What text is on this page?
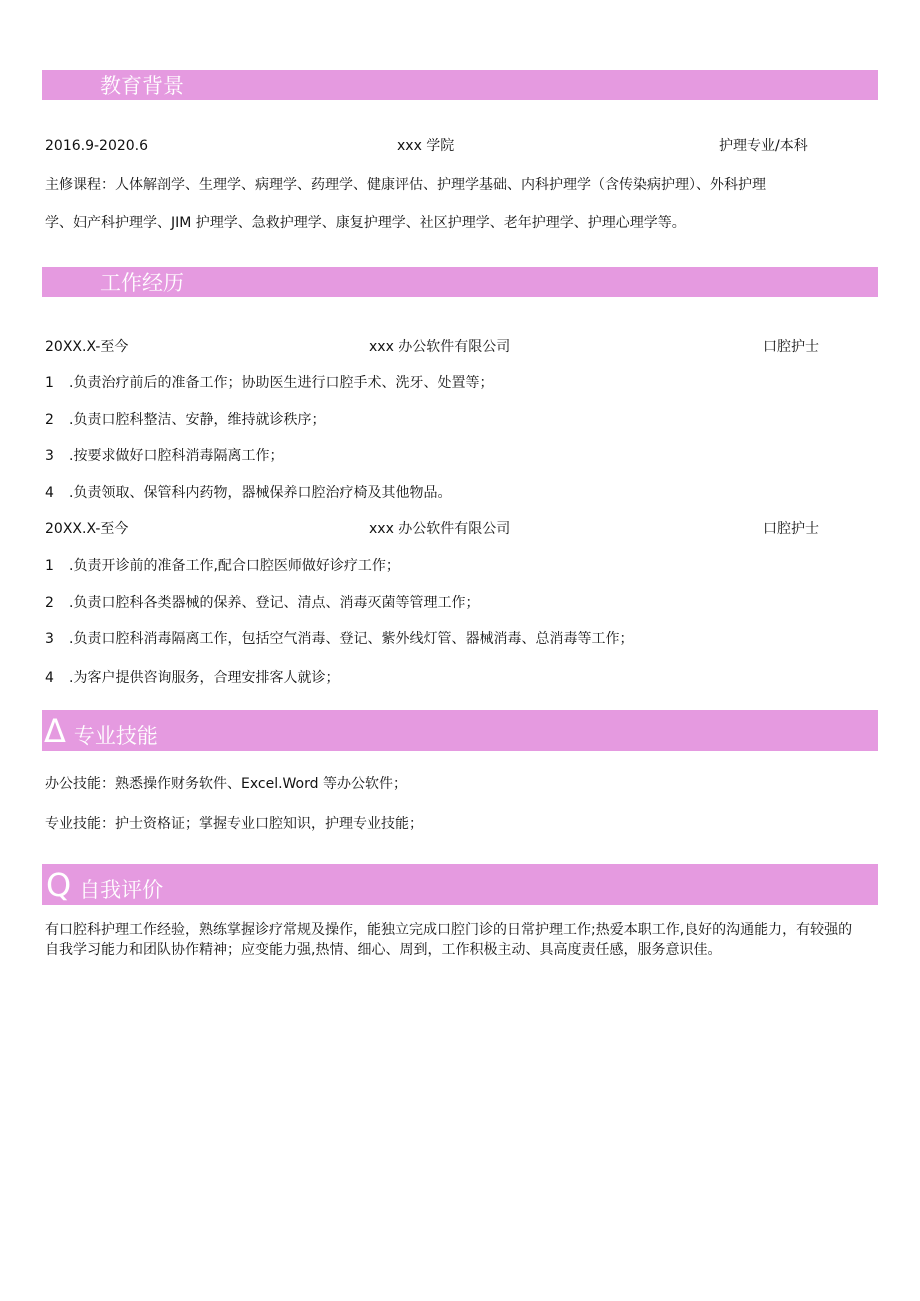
教育背景
2016.9-2020.6	xxx 学院	护理专业/本科
主修课程：人体解剖学、生理学、病理学、药理学、健康评估、护理学基础、内科护理学（含传染病护理）、外科护理
学、妇产科护理学、JIM 护理学、急救护理学、康复护理学、社区护理学、老年护理学、护理心理学等。
工作经历
20XX.X-至今	xxx 办公软件有限公司	口腔护士
1 .负责治疗前后的准备工作；协助医生进行口腔手术、洗牙、处置等；
2 .负责口腔科整洁、安静，维持就诊秩序；
3 .按要求做好口腔科消毒隔离工作；
4 .负责领取、保管科内药物，器械保养口腔治疗椅及其他物品。
20XX.X-至今	xxx 办公软件有限公司	口腔护士
1 .负责开诊前的准备工作,配合口腔医师做好诊疗工作；
2 .负责口腔科各类器械的保养、登记、清点、消毒灭菌等管理工作；
3 .负责口腔科消毒隔离工作，包括空气消毒、登记、紫外线灯管、器械消毒、总消毒等工作；
4 .为客户提供咨询服务，合理安排客人就诊；
Δ 专业技能
办公技能：熟悉操作财务软件、Excel.Word 等办公软件；
专业技能：护士资格证；掌握专业口腔知识，护理专业技能；
Q 自我评价
有口腔科护理工作经验，熟练掌握诊疗常规及操作，能独立完成口腔门诊的日常护理工作;热爱本职工作,良好的沟通能力，有较强的自我学习能力和团队协作精神；应变能力强,热情、细心、周到，工作积极主动、具高度责任感，服务意识佳。
